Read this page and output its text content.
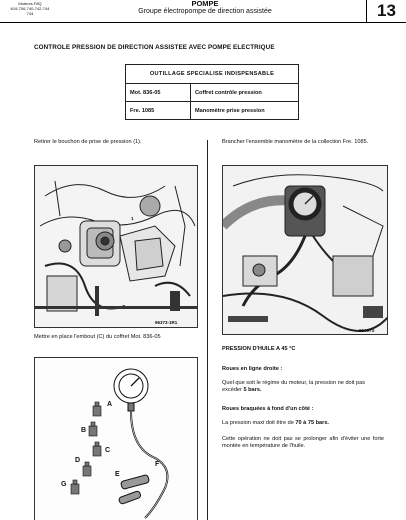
Moteurs F8Q
619-706-740-742-744
744
POMPE
Groupe électropompe de direction assistée	13
CONTROLE PRESSION DE DIRECTION ASSISTEE AVEC POMPE ELECTRIQUE
OUTILLAGE SPECIALISE INDISPENSABLE	
Mot. 836-05	Coffret contrôle pression
Fre. 1085	Manomètre prise pression
Retirer le bouchon de prise de pression (1).
1
96373-1R1
Mettre en place l'embout (C) du coffret Mot. 836-05
A
B
C
D
E
F
G
Brancher l'ensemble manomètre de la collection Fre. 1085.
96407S
PRESSION D'HUILE A 45 °C
Roues en ligne droite :
Quel que soit le régime du moteur, la pression ne doit pas excéder 5 bars.
Roues braquées à fond d'un côté :
La pression maxi doit être de 70 à 75 bars.
Cette opération ne doit pas se prolonger afin d'éviter une forte montée en température de l'huile.
